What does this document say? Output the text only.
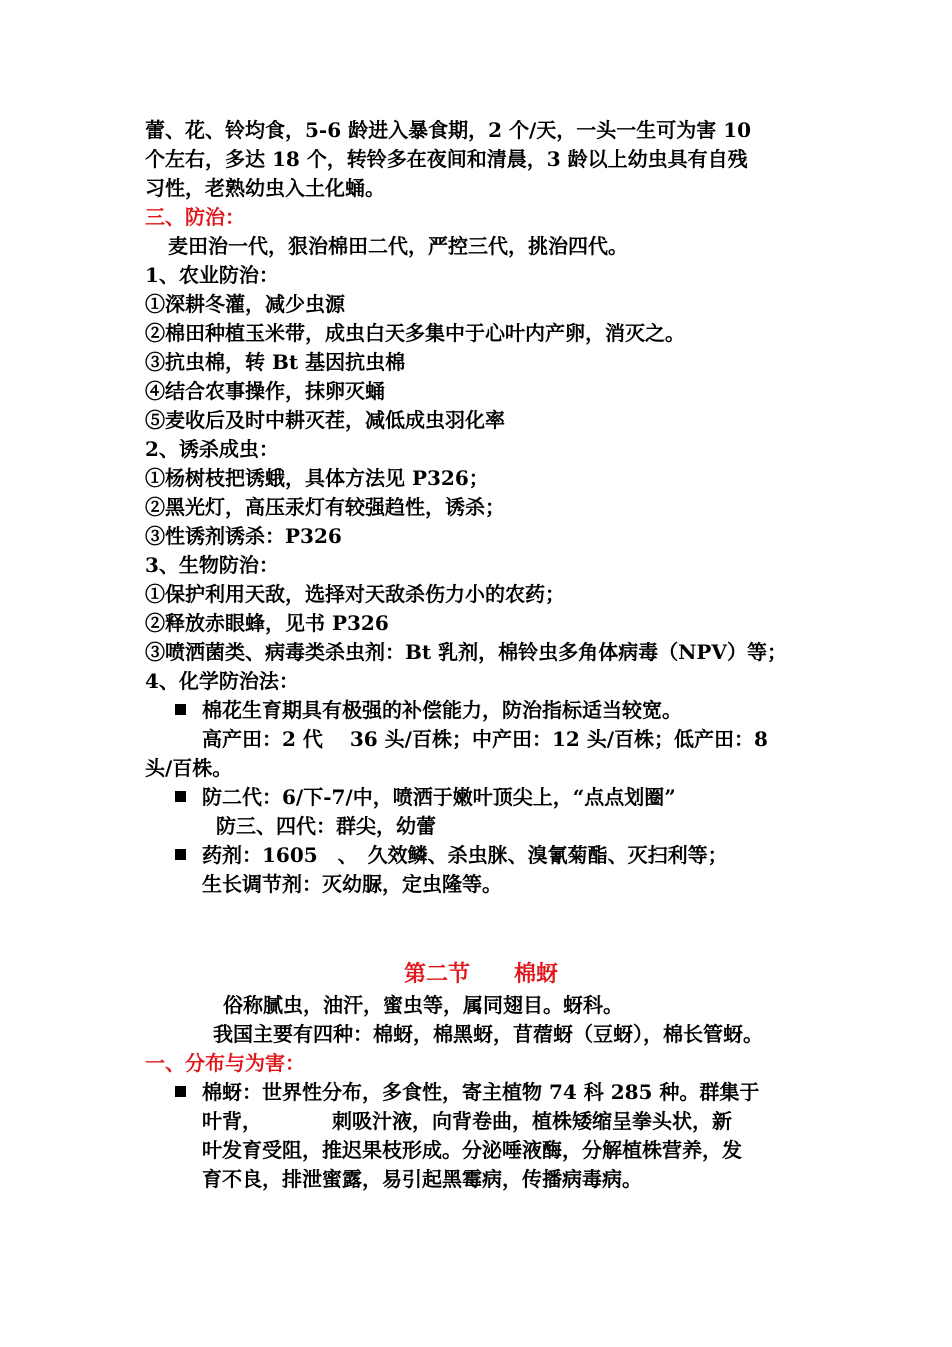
蕾、花、铃均食，5-6 龄进入暴食期，2 个/天，一头一生可为害 10
个左右，多达 18 个，转铃多在夜间和清晨，3 龄以上幼虫具有自残
习性，老熟幼虫入土化蛹。
三、防治：
麦田治一代，狠治棉田二代，严控三代，挑治四代。
1、农业防治：
①深耕冬灌，减少虫源
②棉田种植玉米带，成虫白天多集中于心叶内产卵，消灭之。
③抗虫棉，转 Bt 基因抗虫棉
④结合农事操作，抹卵灭蛹
⑤麦收后及时中耕灭茬，减低成虫羽化率
2、诱杀成虫：
①杨树枝把诱蛾，具体方法见 P326；
②黑光灯，高压汞灯有较强趋性，诱杀；
③性诱剂诱杀：P326
3、生物防治：
①保护利用天敌，选择对天敌杀伤力小的农药；
②释放赤眼蜂，见书 P326
③喷洒菌类、病毒类杀虫剂：Bt 乳剂，棉铃虫多角体病毒（NPV）等；
4、化学防治法：
棉花生育期具有极强的补偿能力，防治指标适当较宽。
高产田：2 代　 36 头/百株；中产田：12 头/百株；低产田：8
头/百株。
防二代：6/下-7/中，喷洒于嫩叶顶尖上，“点点划圈”
防三、四代：群尖，幼蕾
药剂：1605　、　久效鳞、杀虫脒、溴氰菊酯、灭扫利等；
生长调节剂：灭幼脲，定虫隆等。
第二节　　棉蚜
俗称腻虫，油汗，蜜虫等，属同翅目。蚜科。
我国主要有四种：棉蚜，棉黑蚜，苜蓿蚜（豆蚜），棉长管蚜。
一、分布与为害：
棉蚜：世界性分布，多食性，寄主植物 74 科 285 种。群集于
叶背，　　　　刺吸汁液，向背卷曲，植株矮缩呈拳头状，新
叶发育受阻，推迟果枝形成。分泌唾液酶，分解植株营养，发
育不良，排泄蜜露，易引起黑霉病，传播病毒病。
